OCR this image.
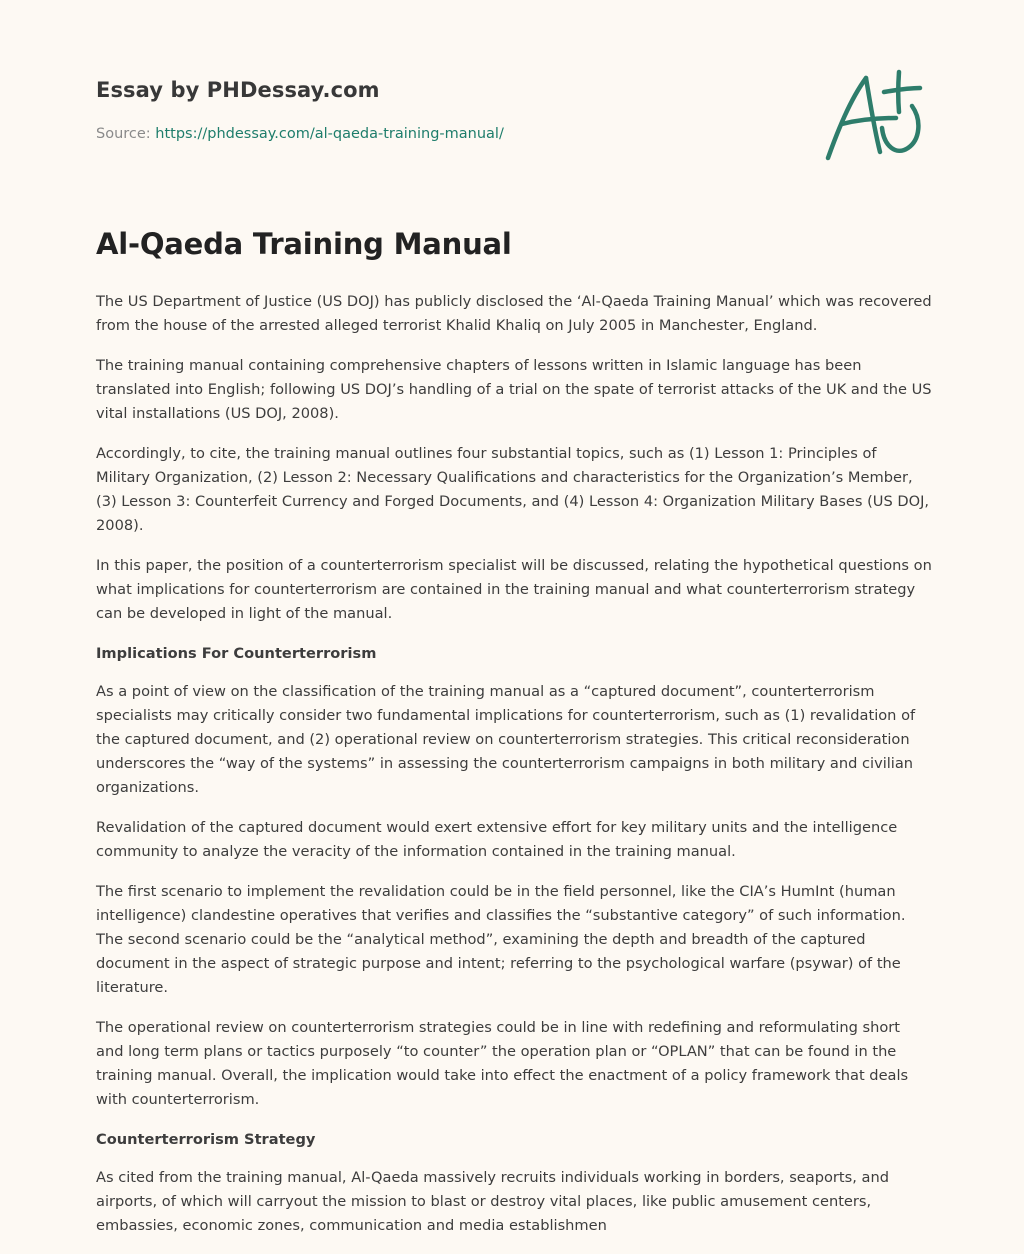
Essay by PHDessay.com
Source: https://phdessay.com/al-qaeda-training-manual/
Al-Qaeda Training Manual

The US Department of Justice (US DOJ) has publicly disclosed the ‘Al-Qaeda Training Manual’ which was recovered from the house of the arrested alleged terrorist Khalid Khaliq on July 2005 in Manchester, England.

The training manual containing comprehensive chapters of lessons written in Islamic language has been translated into English; following US DOJ’s handling of a trial on the spate of terrorist attacks of the UK and the US vital installations (US DOJ, 2008).

Accordingly, to cite, the training manual outlines four substantial topics, such as (1) Lesson 1: Principles of Military Organization, (2) Lesson 2: Necessary Qualifications and characteristics for the Organization’s Member, (3) Lesson 3: Counterfeit Currency and Forged Documents, and (4) Lesson 4: Organization Military Bases (US DOJ, 2008).

In this paper, the position of a counterterrorism specialist will be discussed, relating the hypothetical questions on what implications for counterterrorism are contained in the training manual and what counterterrorism strategy can be developed in light of the manual.

Implications For Counterterrorism

As a point of view on the classification of the training manual as a “captured document”, counterterrorism specialists may critically consider two fundamental implications for counterterrorism, such as (1) revalidation of the captured document, and (2) operational review on counterterrorism strategies. This critical reconsideration underscores the “way of the systems” in assessing the counterterrorism campaigns in both military and civilian organizations.

Revalidation of the captured document would exert extensive effort for key military units and the intelligence community to analyze the veracity of the information contained in the training manual.

The first scenario to implement the revalidation could be in the field personnel, like the CIA’s HumInt (human intelligence) clandestine operatives that verifies and classifies the “substantive category” of such information. The second scenario could be the “analytical method”, examining the depth and breadth of the captured document in the aspect of strategic purpose and intent; referring to the psychological warfare (psywar) of the literature.

The operational review on counterterrorism strategies could be in line with redefining and reformulating short and long term plans or tactics purposely “to counter” the operation plan or “OPLAN” that can be found in the training manual. Overall, the implication would take into effect the enactment of a policy framework that deals with counterterrorism.

Counterterrorism Strategy

As cited from the training manual, Al-Qaeda massively recruits individuals working in borders, seaports, and airports, of which will carryout the mission to blast or destroy vital places, like public amusement centers, embassies, economic zones, communication and media establishmen
